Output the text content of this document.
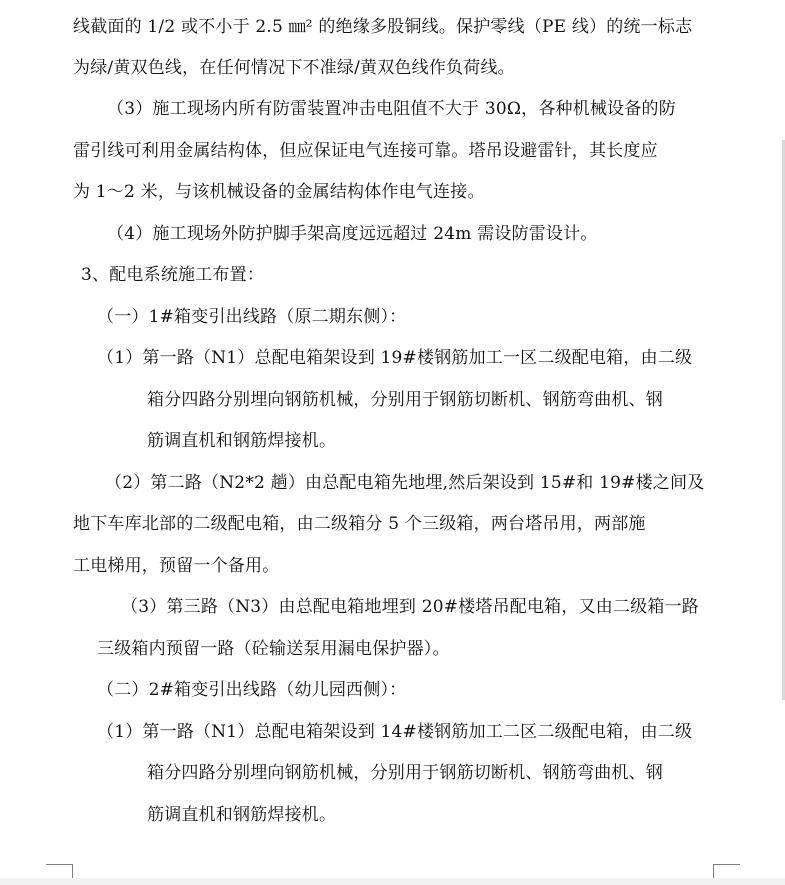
线截面的 1/2 或不小于 2.5 ㎜² 的绝缘多股铜线。保护零线（PE 线）的统一标志
为绿/黄双色线，在任何情况下不准绿/黄双色线作负荷线。
（3）施工现场内所有防雷装置冲击电阻值不大于 30Ω，各种机械设备的防
雷引线可利用金属结构体，但应保证电气连接可靠。塔吊设避雷针，其长度应
为 1～2 米，与该机械设备的金属结构体作电气连接。
（4）施工现场外防护脚手架高度远远超过 24m 需设防雷设计。
3、配电系统施工布置：
（一）1#箱变引出线路（原二期东侧）：
（1）第一路（N1）总配电箱架设到 19#楼钢筋加工一区二级配电箱，由二级
箱分四路分别埋向钢筋机械，分别用于钢筋切断机、钢筋弯曲机、钢
筋调直机和钢筋焊接机。
（2）第二路（N2*2 趟）由总配电箱先地埋,然后架设到 15#和 19#楼之间及
地下车库北部的二级配电箱，由二级箱分 5 个三级箱，两台塔吊用，两部施
工电梯用，预留一个备用。
（3）第三路（N3）由总配电箱地埋到 20#楼塔吊配电箱，又由二级箱一路
三级箱内预留一路（砼输送泵用漏电保护器）。
（二）2#箱变引出线路（幼儿园西侧）：
（1）第一路（N1）总配电箱架设到 14#楼钢筋加工二区二级配电箱，由二级
箱分四路分别埋向钢筋机械，分别用于钢筋切断机、钢筋弯曲机、钢
筋调直机和钢筋焊接机。
